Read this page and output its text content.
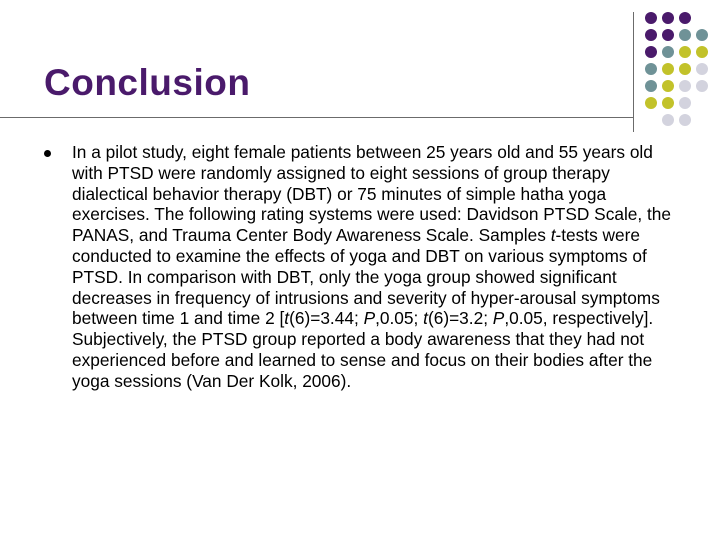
Conclusion
In a pilot study, eight female patients between 25 years old and 55 years old with PTSD were randomly assigned to eight sessions of group therapy dialectical behavior therapy (DBT) or 75 minutes of simple hatha yoga exercises. The following rating systems were used: Davidson PTSD Scale, the PANAS, and Trauma Center Body Awareness Scale. Samples t-tests were conducted to examine the effects of yoga and DBT on various symptoms of PTSD. In comparison with DBT, only the yoga group showed significant decreases in frequency of intrusions and severity of hyper-arousal symptoms between time 1 and time 2 [t(6)=3.44; P,0.05; t(6)=3.2; P,0.05, respectively]. Subjectively, the PTSD group reported a body awareness that they had not experienced before and learned to sense and focus on their bodies after the yoga sessions (Van Der Kolk, 2006).
